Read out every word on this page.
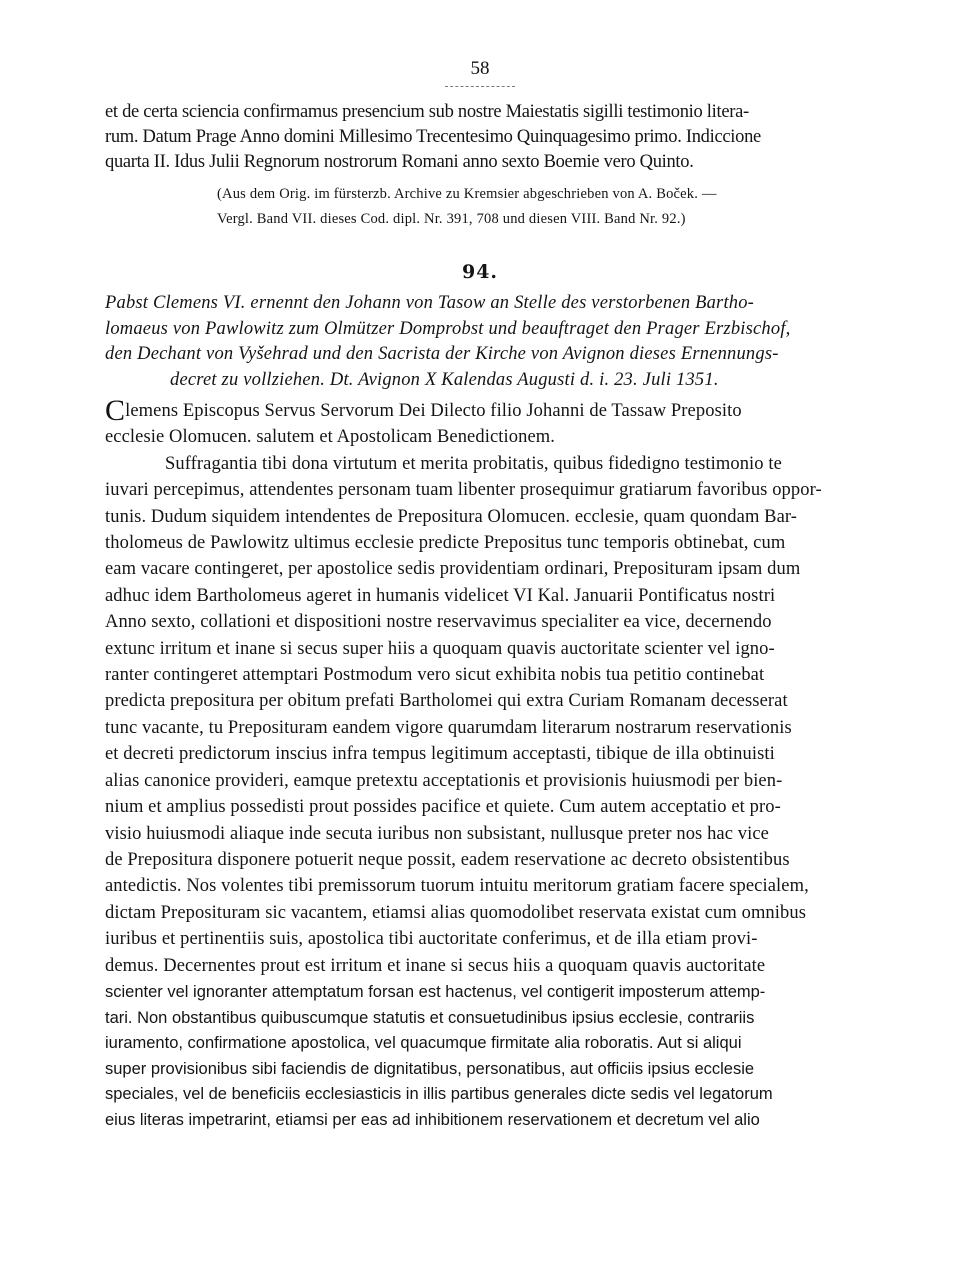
58
et de certa sciencia confirmamus presencium sub nostre Maiestatis sigilli testimonio litera-
rum. Datum Prage Anno domini Millesimo Trecentesimo Quinquagesimo primo. Indiccione
quarta II. Idus Julii Regnorum nostrorum Romani anno sexto Boemie vero Quinto.
(Aus dem Orig. im fürsterzb. Archive zu Kremsier abgeschrieben von A. Boček. —
Vergl. Band VII. dieses Cod. dipl. Nr. 391, 708 und diesen VIII. Band Nr. 92.)
94.
Pabst Clemens VI. ernennt den Johann von Tasow an Stelle des verstorbenen Bartho-
lomaeus von Pawlowitz zum Olmützer Domprobst und beauftraget den Prager Erzbischof,
den Dechant von Vyšehrad und den Sacrista der Kirche von Avignon dieses Ernennungs-
decret zu vollziehen. Dt. Avignon X Kalendas Augusti d. i. 23. Juli 1351.
Clemens Episcopus Servus Servorum Dei Dilecto filio Johanni de Tassaw Preposito
ecclesie Olomucen. salutem et Apostolicam Benedictionem.
Suffragantia tibi dona virtutum et merita probitatis, quibus fidedigno testimonio te
iuvari percepimus, attendentes personam tuam libenter prosequimur gratiarum favoribus oppor-
tunis. Dudum siquidem intendentes de Prepositura Olomucen. ecclesie, quam quondam Bar-
tholomeus de Pawlowitz ultimus ecclesie predicte Prepositus tunc temporis obtinebat, cum
eam vacare contingeret, per apostolice sedis providentiam ordinari, Preposituram ipsam dum
adhuc idem Bartholomeus ageret in humanis videlicet VI Kal. Januarii Pontificatus nostri
Anno sexto, collationi et dispositioni nostre reservavimus specialiter ea vice, decernendo
extunc irritum et inane si secus super hiis a quoquam quavis auctoritate scienter vel igno-
ranter contingeret attemptari Postmodum vero sicut exhibita nobis tua petitio continebat
predicta prepositura per obitum prefati Bartholomei qui extra Curiam Romanam decesserat
tunc vacante, tu Preposituram eandem vigore quarumdam literarum nostrarum reservationis
et decreti predictorum inscius infra tempus legitimum acceptasti, tibique de illa obtinuisti
alias canonice provideri, eamque pretextu acceptationis et provisionis huiusmodi per bien-
nium et amplius possedisti prout possides pacifice et quiete. Cum autem acceptatio et pro-
visio huiusmodi aliaque inde secuta iuribus non subsistant, nullusque preter nos hac vice
de Prepositura disponere potuerit neque possit, eadem reservatione ac decreto obsistentibus
antedictis. Nos volentes tibi premissorum tuorum intuitu meritorum gratiam facere specialem,
dictam Preposituram sic vacantem, etiamsi alias quomodolibet reservata existat cum omnibus
iuribus et pertinentiis suis, apostolica tibi auctoritate conferimus, et de illa etiam provi-
demus. Decernentes prout est irritum et inane si secus hiis a quoquam quavis auctoritate
scienter vel ignoranter attemptatum forsan est hactenus, vel contigerit imposterum attemp-
tari. Non obstantibus quibuscumque statutis et consuetudinibus ipsius ecclesie, contrariis
iuramento, confirmatione apostolica, vel quacumque firmitate alia roboratis. Aut si aliqui
super provisionibus sibi faciendis de dignitatibus, personatibus, aut officiis ipsius ecclesie
speciales, vel de beneficiis ecclesiasticis in illis partibus generales dicte sedis vel legatorum
eius literas impetrarint, etiamsi per eas ad inhibitionem reservationem et decretum vel alio
